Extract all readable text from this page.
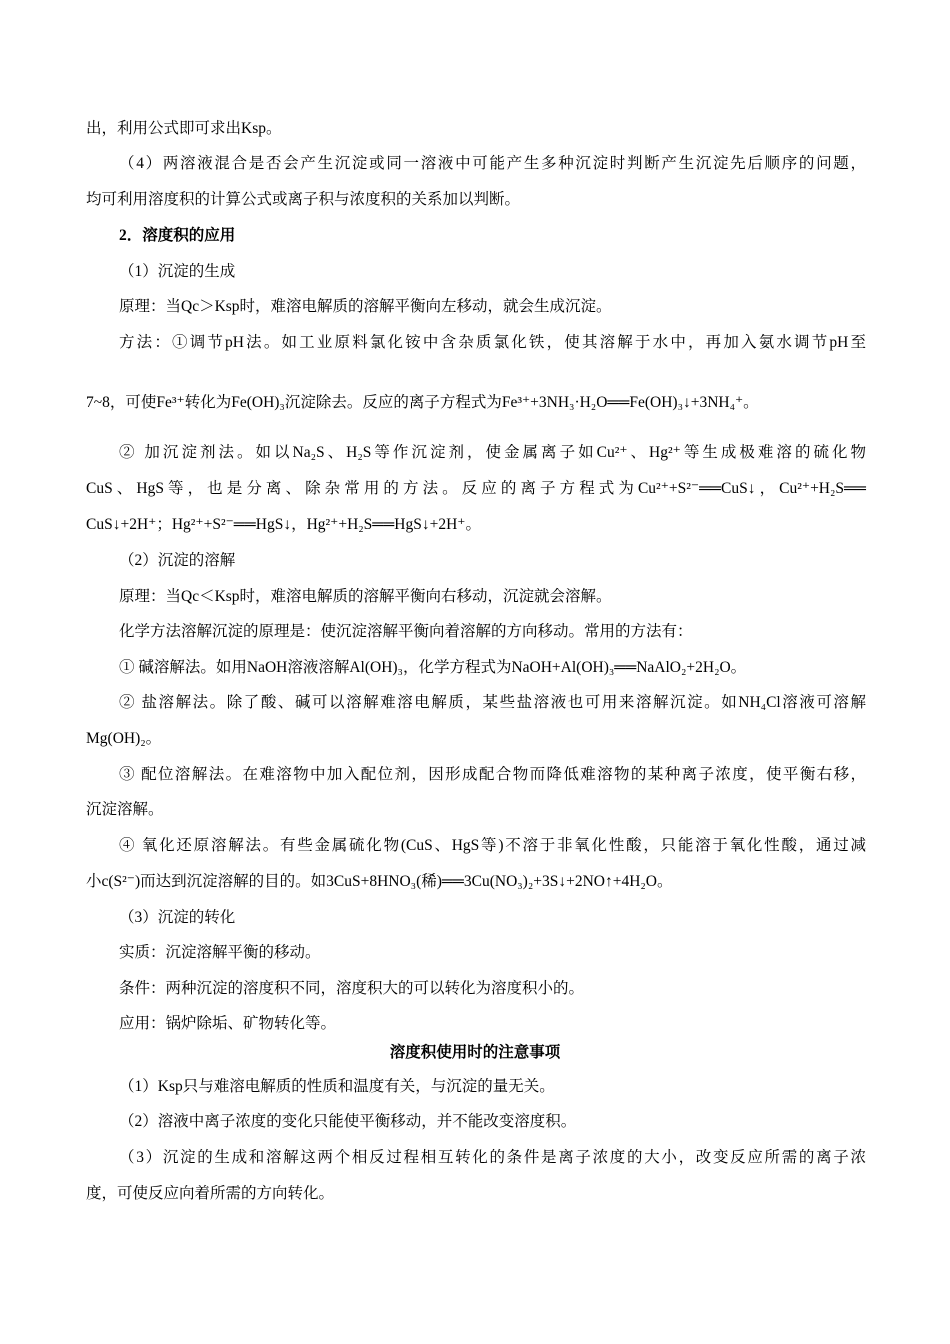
出，利用公式即可求出Ksp。
（4）两溶液混合是否会产生沉淀或同一溶液中可能产生多种沉淀时判断产生沉淀先后顺序的问题，
均可利用溶度积的计算公式或离子积与浓度积的关系加以判断。
2．溶度积的应用
（1）沉淀的生成
原理：当Qc＞Ksp时，难溶电解质的溶解平衡向左移动，就会生成沉淀。
方法：①调节pH法。如工业原料氯化铵中含杂质氯化铁，使其溶解于水中，再加入氨水调节pH至
7~8，可使Fe³⁺转化为Fe(OH)₃沉淀除去。反应的离子方程式为Fe³⁺+3NH₃·H₂O══Fe(OH)₃↓+3NH₄⁺。
② 加沉淀剂法。如以Na₂S、H₂S等作沉淀剂，使金属离子如Cu²⁺、Hg²⁺等生成极难溶的硫化物
CuS、HgS等，也是分离、除杂常用的方法。反应的离子方程式为Cu²⁺+S²⁻══CuS↓，Cu²⁺+H₂S══
CuS↓+2H⁺；Hg²⁺+S²⁻══HgS↓，Hg²⁺+H₂S══HgS↓+2H⁺。
（2）沉淀的溶解
原理：当Qc＜Ksp时，难溶电解质的溶解平衡向右移动，沉淀就会溶解。
化学方法溶解沉淀的原理是：使沉淀溶解平衡向着溶解的方向移动。常用的方法有：
① 碱溶解法。如用NaOH溶液溶解Al(OH)₃，化学方程式为NaOH+Al(OH)₃══NaAlO₂+2H₂O。
② 盐溶解法。除了酸、碱可以溶解难溶电解质，某些盐溶液也可用来溶解沉淀。如NH₄Cl溶液可溶解
Mg(OH)₂。
③ 配位溶解法。在难溶物中加入配位剂，因形成配合物而降低难溶物的某种离子浓度，使平衡右移，
沉淀溶解。
④ 氧化还原溶解法。有些金属硫化物(CuS、HgS等)不溶于非氧化性酸，只能溶于氧化性酸，通过减
小c(S²⁻)而达到沉淀溶解的目的。如3CuS+8HNO₃(稀)══3Cu(NO₃)₂+3S↓+2NO↑+4H₂O。
（3）沉淀的转化
实质：沉淀溶解平衡的移动。
条件：两种沉淀的溶度积不同，溶度积大的可以转化为溶度积小的。
应用：锅炉除垢、矿物转化等。
溶度积使用时的注意事项
（1）Ksp只与难溶电解质的性质和温度有关，与沉淀的量无关。
（2）溶液中离子浓度的变化只能使平衡移动，并不能改变溶度积。
（3）沉淀的生成和溶解这两个相反过程相互转化的条件是离子浓度的大小，改变反应所需的离子浓
度，可使反应向着所需的方向转化。
